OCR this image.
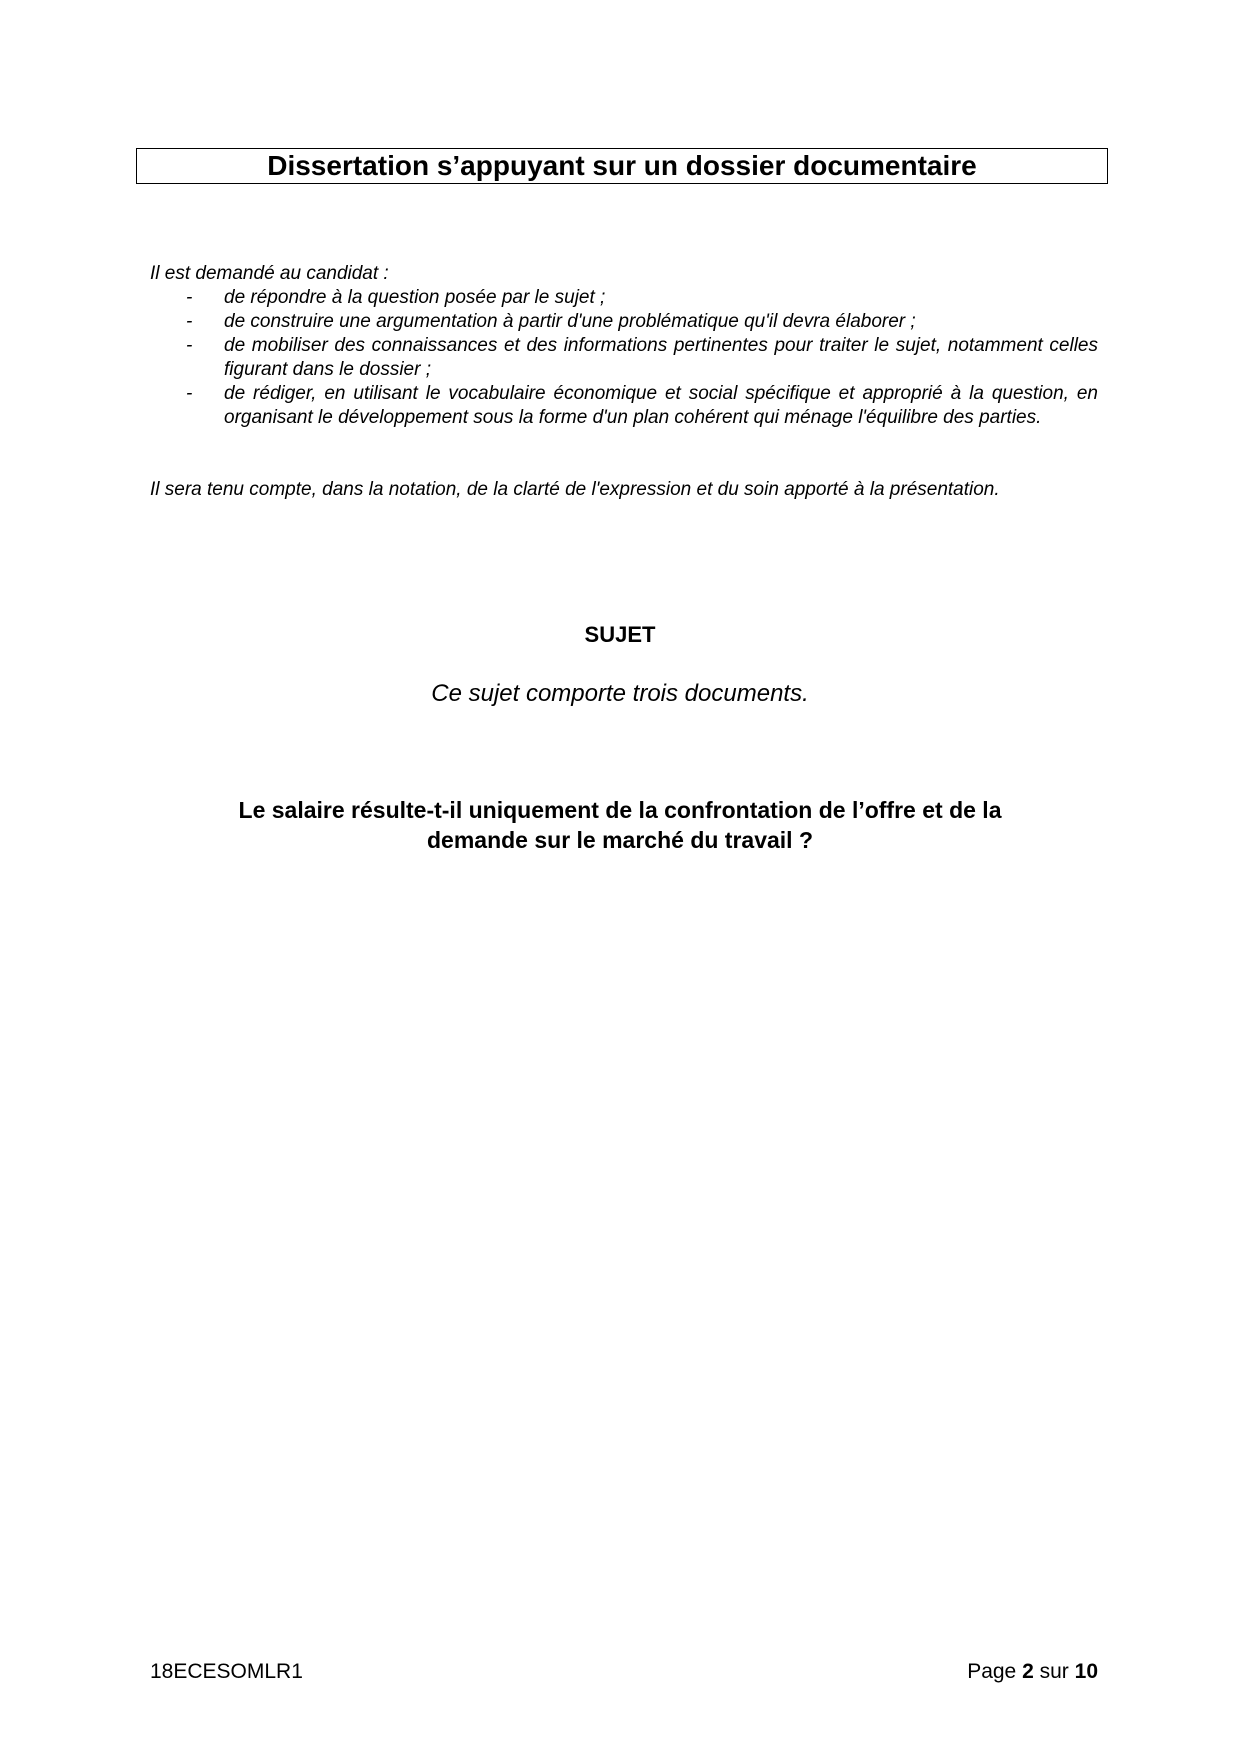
Dissertation s’appuyant sur un dossier documentaire
Il est demandé au candidat :
- de répondre à la question posée par le sujet ;
- de construire une argumentation à partir d'une problématique qu'il devra élaborer ;
- de mobiliser des connaissances et des informations pertinentes pour traiter le sujet, notamment celles figurant dans le dossier ;
- de rédiger, en utilisant le vocabulaire économique et social spécifique et approprié à la question, en organisant le développement sous la forme d'un plan cohérent qui ménage l'équilibre des parties.
Il sera tenu compte, dans la notation, de la clarté de l'expression et du soin apporté à la présentation.
SUJET
Ce sujet comporte trois documents.
Le salaire résulte-t-il uniquement de la confrontation de l’offre et de la
demande sur le marché du travail ?
18ECESOMLR1	Page 2 sur 10
